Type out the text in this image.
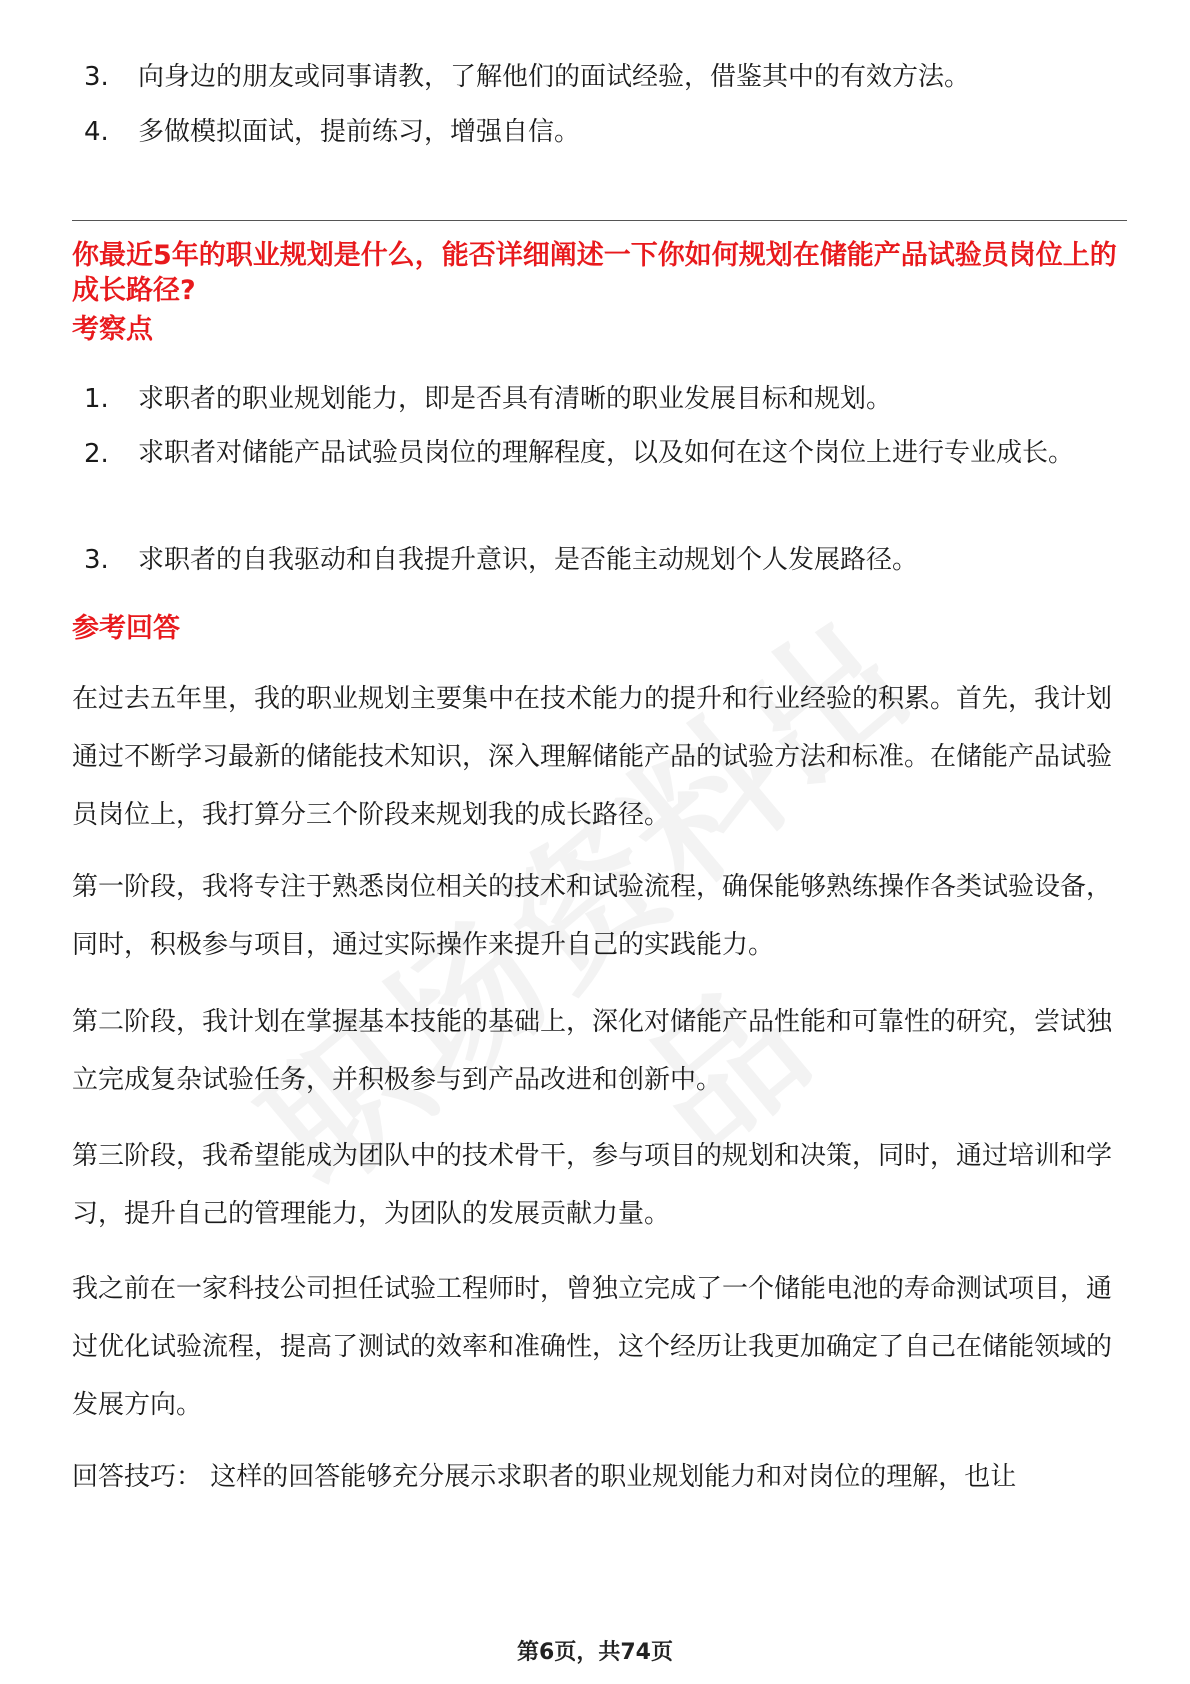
3.	向身边的朋友或同事请教，了解他们的面试经验，借鉴其中的有效方法。
4.	多做模拟面试，提前练习，增强自信。
你最近5年的职业规划是什么，能否详细阐述一下你如何规划在储能产品试验员岗位上的成长路径?
考察点
1.	求职者的职业规划能力，即是否具有清晰的职业发展目标和规划。
2.	求职者对储能产品试验员岗位的理解程度，以及如何在这个岗位上进行专业成长。
3.	求职者的自我驱动和自我提升意识，是否能主动规划个人发展路径。
参考回答
在过去五年里，我的职业规划主要集中在技术能力的提升和行业经验的积累。首先，我计划通过不断学习最新的储能技术知识，深入理解储能产品的试验方法和标准。在储能产品试验员岗位上，我打算分三个阶段来规划我的成长路径。
第一阶段，我将专注于熟悉岗位相关的技术和试验流程，确保能够熟练操作各类试验设备，同时，积极参与项目，通过实际操作来提升自己的实践能力。
第二阶段，我计划在掌握基本技能的基础上，深化对储能产品性能和可靠性的研究，尝试独立完成复杂试验任务，并积极参与到产品改进和创新中。
第三阶段，我希望能成为团队中的技术骨干，参与项目的规划和决策，同时，通过培训和学习，提升自己的管理能力，为团队的发展贡献力量。
我之前在一家科技公司担任试验工程师时，曾独立完成了一个储能电池的寿命测试项目，通过优化试验流程，提高了测试的效率和准确性，这个经历让我更加确定了自己在储能领域的发展方向。
回答技巧： 这样的回答能够充分展示求职者的职业规划能力和对岗位的理解，也让
第6页，共74页
